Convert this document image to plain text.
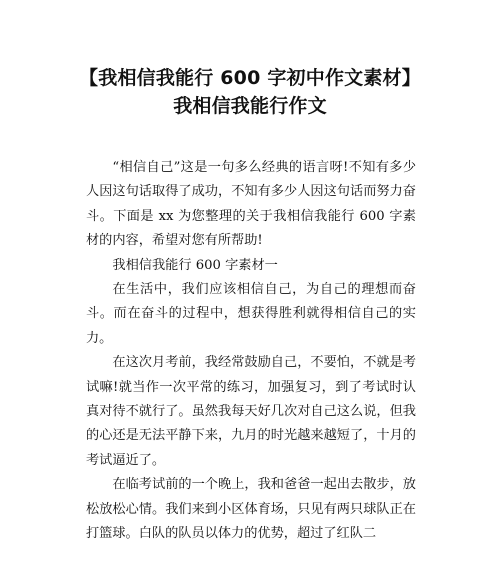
【我相信我能行 600 字初中作文素材】
我相信我能行作文

“相信自己”这是一句多么经典的语言呀!不知有多少人因这句话取得了成功，不知有多少人因这句话而努力奋斗。下面是 xx 为您整理的关于我相信我能行 600 字素材的内容，希望对您有所帮助!

我相信我能行 600 字素材一

在生活中，我们应该相信自己，为自己的理想而奋斗。而在奋斗的过程中，想获得胜利就得相信自己的实力。

在这次月考前，我经常鼓励自己，不要怕，不就是考试嘛!就当作一次平常的练习，加强复习，到了考试时认真对待不就行了。虽然我每天好几次对自己这么说，但我的心还是无法平静下来，九月的时光越来越短了，十月的考试逼近了。

在临考试前的一个晚上，我和爸爸一起出去散步，放松放松心情。我们来到小区体育场，只见有两只球队正在打篮球。白队的队员以体力的优势，超过了红队二
